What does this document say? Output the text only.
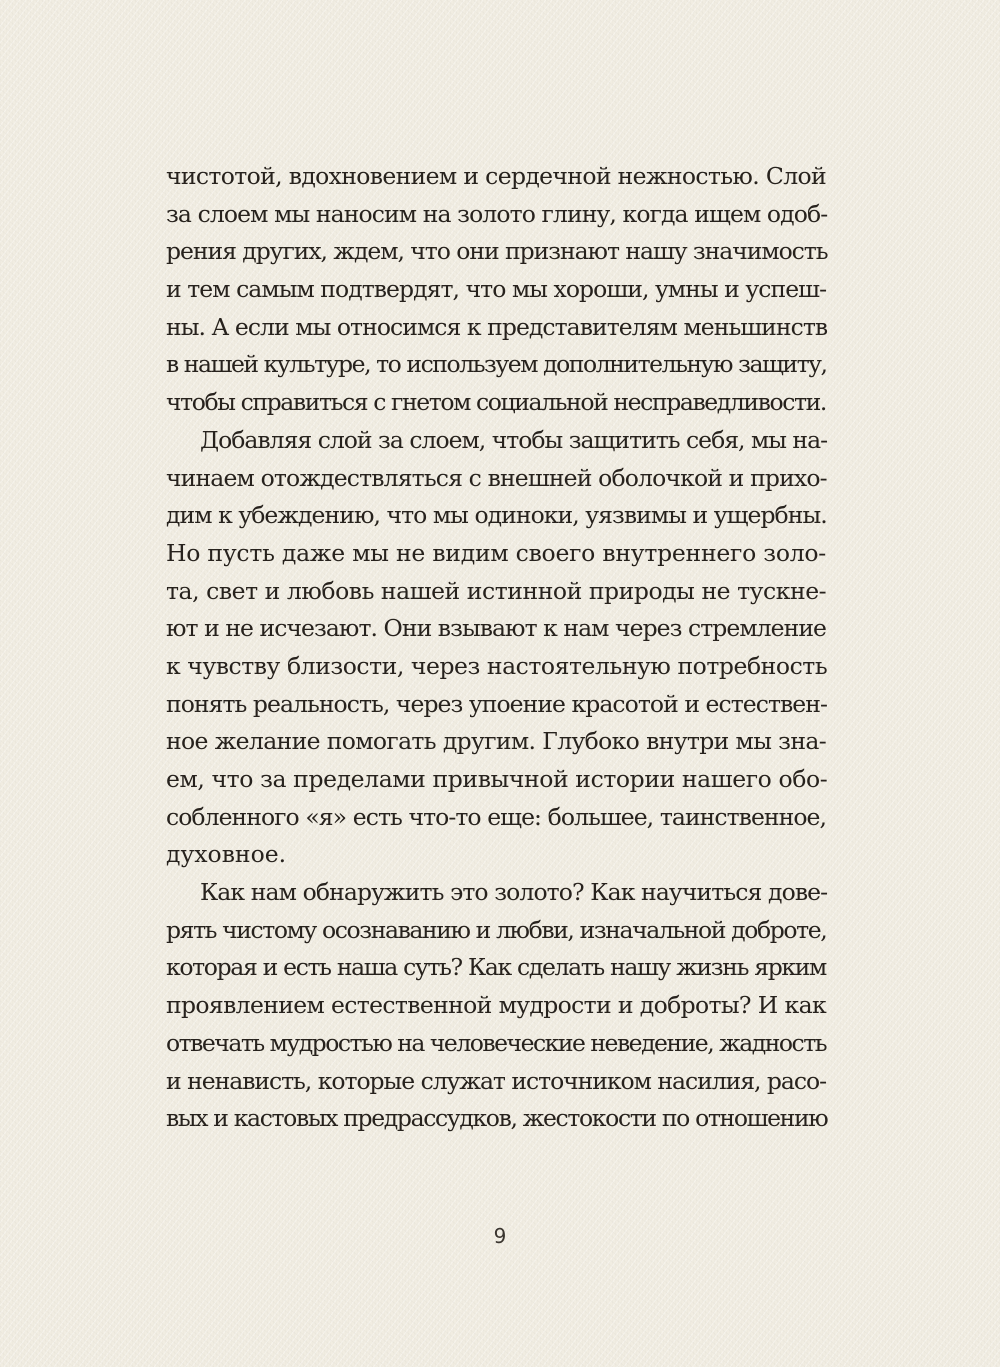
чистотой, вдохновением и сердечной нежностью. Слой
за слоем мы наносим на золото глину, когда ищем одоб-
рения других, ждем, что они признают нашу значимость
и тем самым подтвердят, что мы хороши, умны и успеш-
ны. А если мы относимся к представителям меньшинств
в нашей культуре, то используем дополнительную защиту,
чтобы справиться с гнетом социальной несправедливости.
Добавляя слой за слоем, чтобы защитить себя, мы на-
чинаем отождествляться с внешней оболочкой и прихо-
дим к убеждению, что мы одиноки, уязвимы и ущербны.
Но пусть даже мы не видим своего внутреннего золо-
та, свет и любовь нашей истинной природы не тускне-
ют и не исчезают. Они взывают к нам через стремление
к чувству близости, через настоятельную потребность
понять реальность, через упоение красотой и естествен-
ное желание помогать другим. Глубоко внутри мы зна-
ем, что за пределами привычной истории нашего обо-
собленного «я» есть что-то еще: большее, таинственное,
духовное.
Как нам обнаружить это золото? Как научиться дове-
рять чистому осознаванию и любви, изначальной доброте,
которая и есть наша суть? Как сделать нашу жизнь ярким
проявлением естественной мудрости и доброты? И как
отвечать мудростью на человеческие неведение, жадность
и ненависть, которые служат источником насилия, расо-
вых и кастовых предрассудков, жестокости по отношению
9
